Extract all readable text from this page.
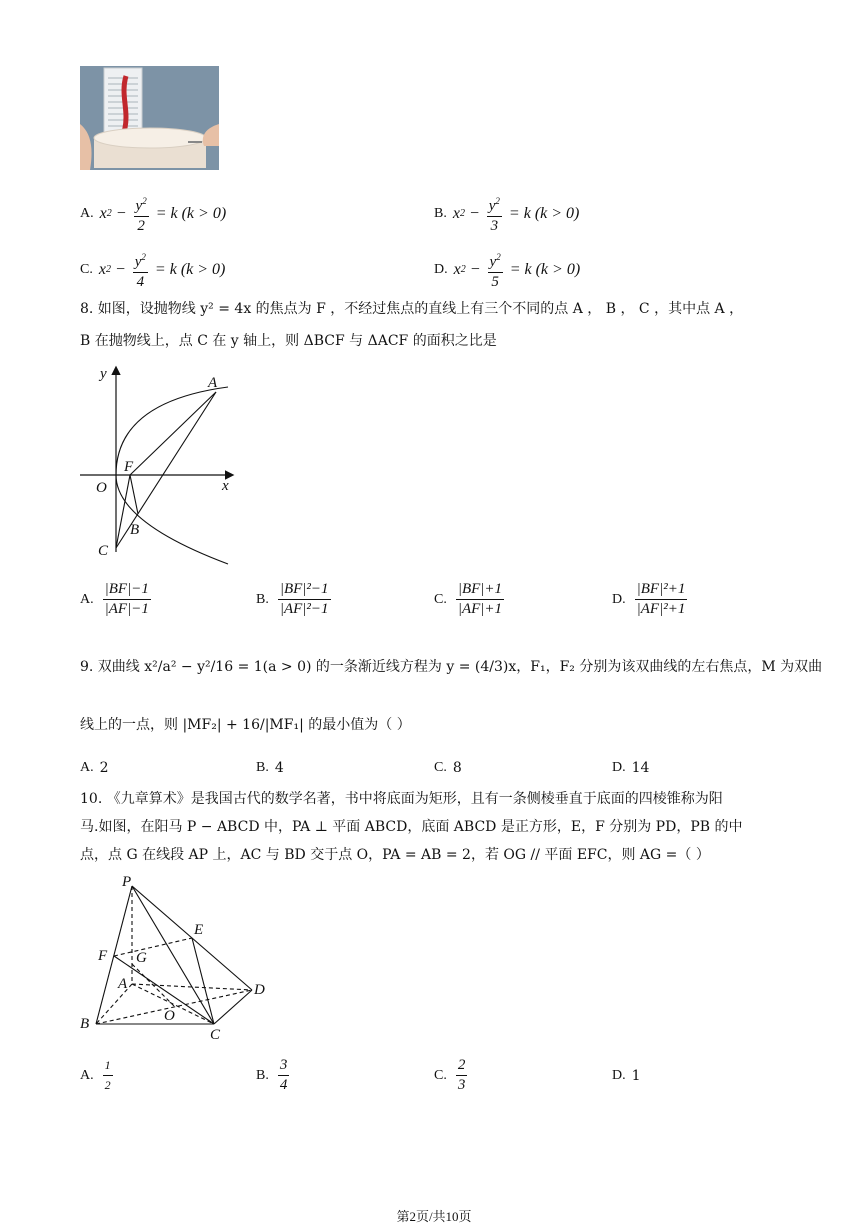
A. x $2 - \frac{y^2}{2}$
= k (k > 0)	B. x $2 - \frac{y^2}{3}$
= k (k > 0)
C. x $2 - \frac{y^2}{4}$
= k (k > 0)	D. x $2 - \frac{y^2}{5}$
= k (k > 0)
8. 如图，设抛物线 y² = 4x 的焦点为 F ，不经过焦点的直线上有三个不同的点 A ， B ， C ，其中点 A ，
B 在抛物线上，点 C 在 y 轴上，则 ΔBCF 与 ΔACF 的面积之比是
y
A
F
O	x
B
C
A. $\frac{|BF|-1}{|AF|-1}$	B. $\frac{\text{|BF|²−1}}{\text{|AF|²−1}}$	C. $\frac{|BF|+1}{|AF|+1}$	D. $\frac{\text{|BF|²+1}}{\text{|AF|²+1}}$
9. 双曲线 x²/a² − y²/16 = 1(a > 0) 的一条渐近线方程为 y = (4/3)x，F₁，F₂ 分别为该双曲线的左右焦点，M 为双曲
线上的一点，则 |MF₂| + 16/|MF₁| 的最小值为（ ）
A. 2	B. 4	C. 8	D. 14
10. 《九章算术》是我国古代的数学名著，书中将底面为矩形，且有一条侧棱垂直于底面的四棱锥称为阳
马.如图，在阳马 P − ABCD 中，PA ⊥ 平面 ABCD，底面 ABCD 是正方形，E，F 分别为 PD，PB 的中
点，点 G 在线段 AP 上，AC 与 BD 交于点 O，PA = AB = 2，若 OG // 平面 EFC，则 AG =（ ）
P
E
F G
A	D
B	O
C
A. $\frac{1}{2}$	B. $\frac{3}{4}$	C. $\frac{2}{3}$	D. 1
第2页/共10页
